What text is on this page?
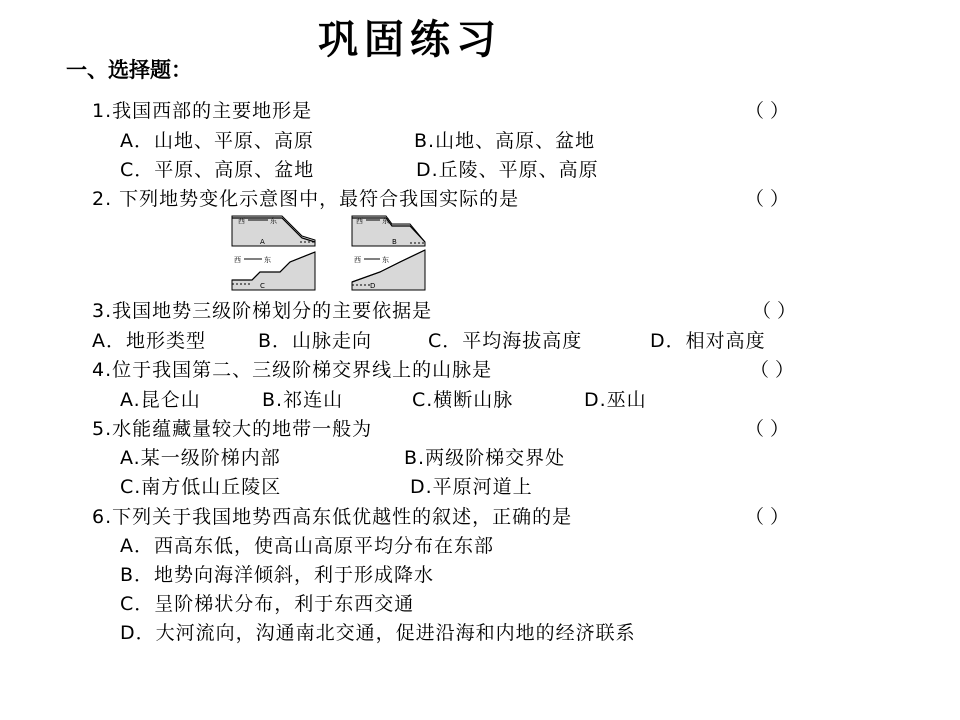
巩固练习
一、选择题：
1.我国西部的主要地形是	（ ）
A．山地、平原、高原	B.山地、高原、盆地
C．平原、高原、盆地	D.丘陵、平原、高原
2. 下列地势变化示意图中，最符合我国实际的是	（ ）
西	东
A
西	东
B
西	东
C
西	东
D
3.我国地势三级阶梯划分的主要依据是	（ ）
A．地形类型	B．山脉走向	C．平均海拔高度	D．相对高度
4.位于我国第二、三级阶梯交界线上的山脉是	（ ）
A.昆仑山	B.祁连山	C.横断山脉	D.巫山
5.水能蕴藏量较大的地带一般为	（ ）
A.某一级阶梯内部	B.两级阶梯交界处
C.南方低山丘陵区	D.平原河道上
6.下列关于我国地势西高东低优越性的叙述，正确的是	（ ）
A．西高东低，使高山高原平均分布在东部
B．地势向海洋倾斜，利于形成降水
C．呈阶梯状分布，利于东西交通
D．大河流向，沟通南北交通，促进沿海和内地的经济联系
